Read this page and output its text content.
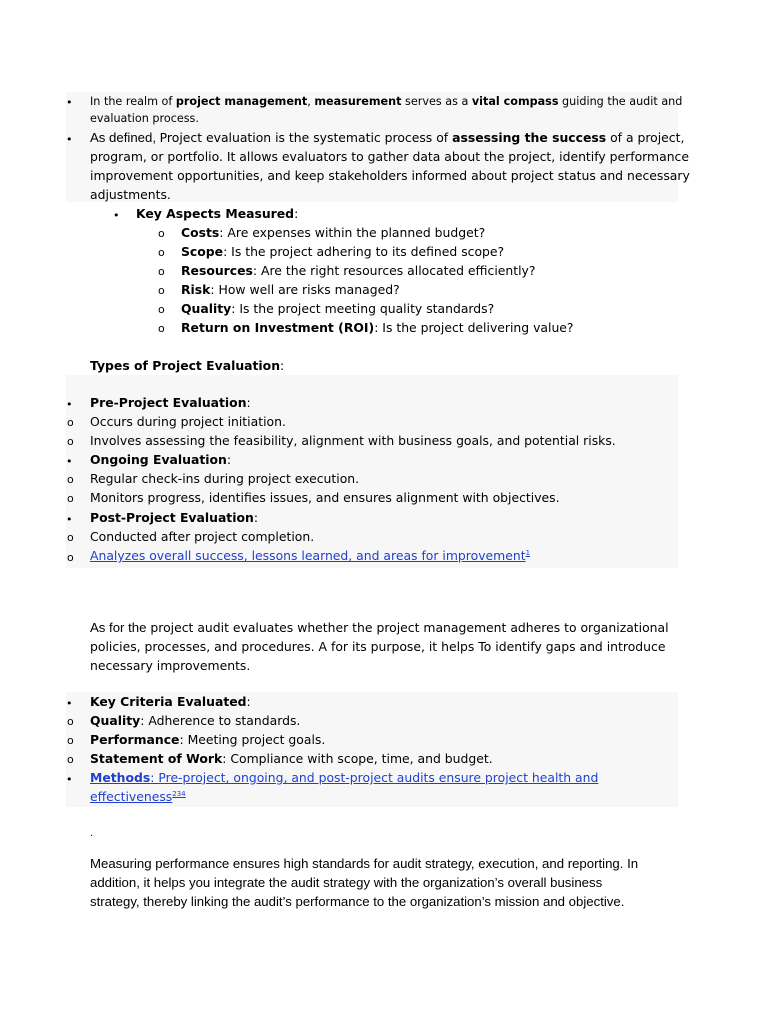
• In the realm of project management, measurement serves as a vital compass guiding the audit and
evaluation process.
• As defined, Project evaluation is the systematic process of assessing the success of a project,
program, or portfolio. It allows evaluators to gather data about the project, identify performance
improvement opportunities, and keep stakeholders informed about project status and necessary
adjustments.
• Key Aspects Measured:
o Costs: Are expenses within the planned budget?
o Scope: Is the project adhering to its defined scope?
o Resources: Are the right resources allocated efficiently?
o Risk: How well are risks managed?
o Quality: Is the project meeting quality standards?
o Return on Investment (ROI): Is the project delivering value?
Types of Project Evaluation:
• Pre-Project Evaluation:
o Occurs during project initiation.
o Involves assessing the feasibility, alignment with business goals, and potential risks.
• Ongoing Evaluation:
o Regular check-ins during project execution.
o Monitors progress, identifies issues, and ensures alignment with objectives.
• Post-Project Evaluation:
o Conducted after project completion.
o Analyzes overall success, lessons learned, and areas for improvement$^1$
As for the project audit evaluates whether the project management adheres to organizational
policies, processes, and procedures. A for its purpose, it helps To identify gaps and introduce
necessary improvements.
• Key Criteria Evaluated:
o Quality: Adherence to standards.
o Performance: Meeting project goals.
o Statement of Work: Compliance with scope, time, and budget.
• Methods: Pre-project, ongoing, and post-project audits ensure project health and
effectiveness$^{234}$
.
Measuring performance ensures high standards for audit strategy, execution, and reporting. In
addition, it helps you integrate the audit strategy with the organization’s overall business
strategy, thereby linking the audit’s performance to the organization’s mission and objective.
